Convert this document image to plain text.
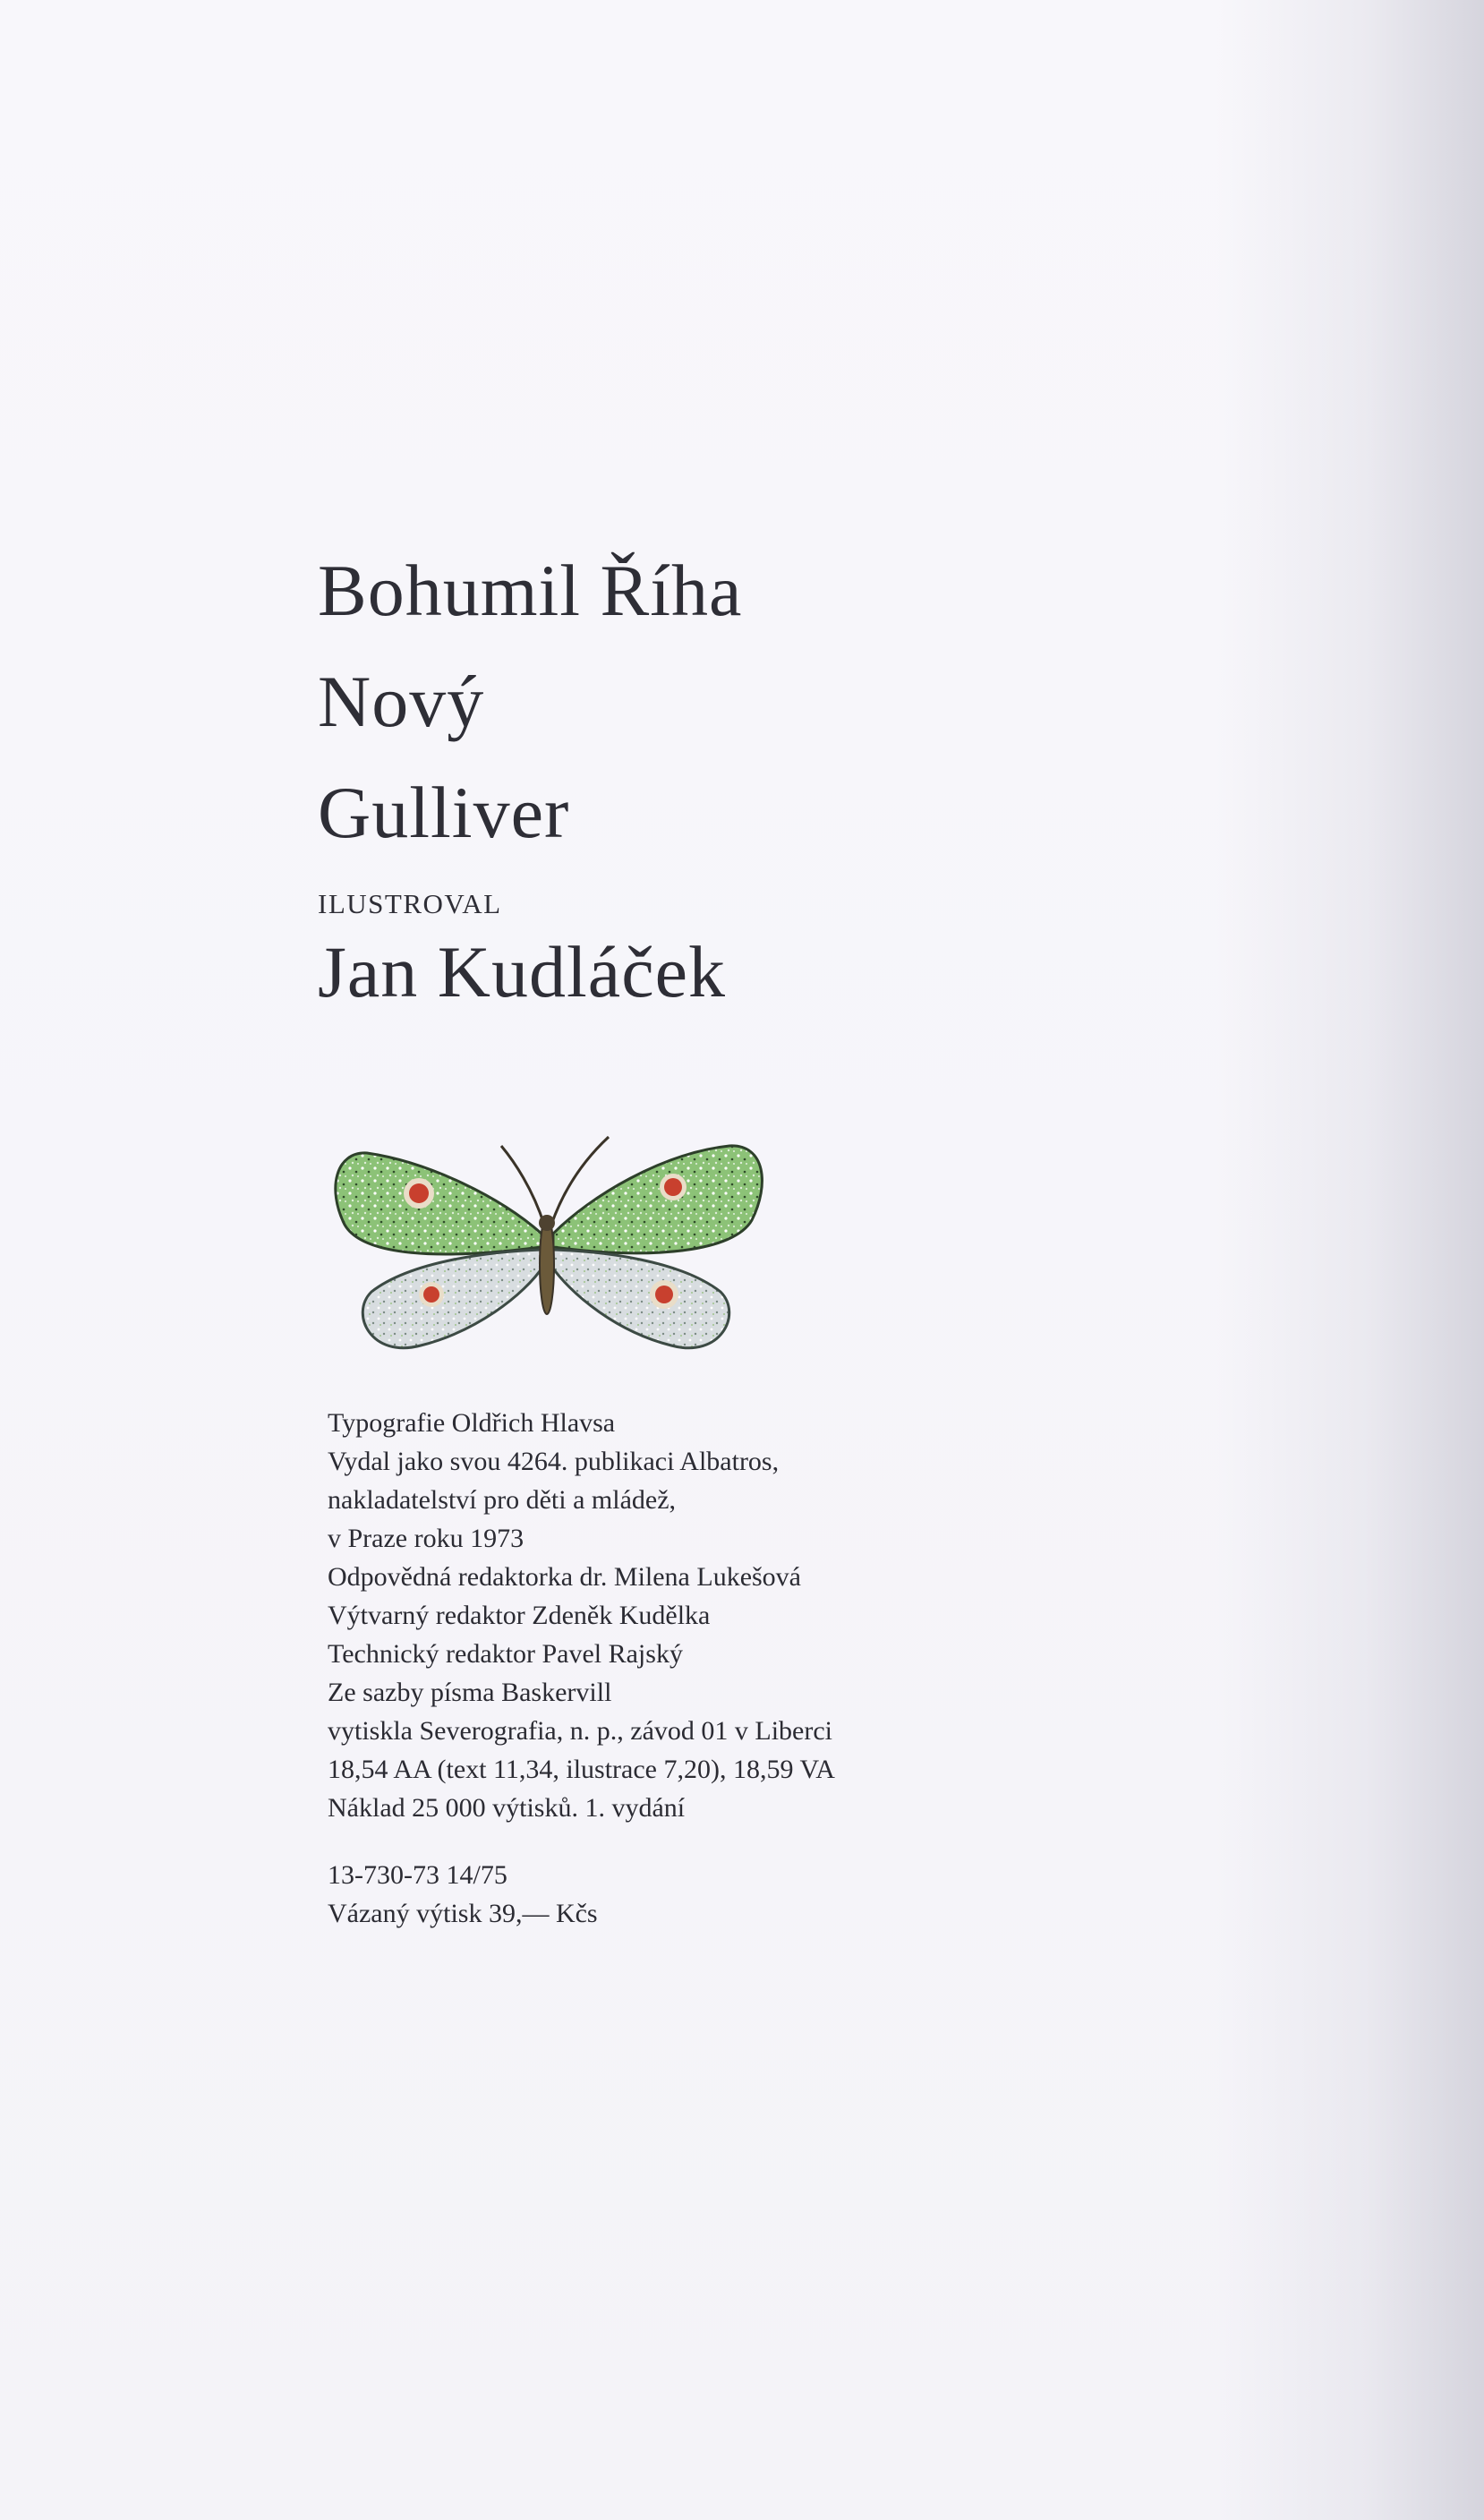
Bohumil Říha
Nový
Gulliver
ILUSTROVAL
Jan Kudláček
Typografie Oldřich Hlavsa
Vydal jako svou 4264. publikaci Albatros,
nakladatelství pro děti a mládež,
v Praze roku 1973
Odpovědná redaktorka dr. Milena Lukešová
Výtvarný redaktor Zdeněk Kudělka
Technický redaktor Pavel Rajský
Ze sazby písma Baskervill
vytiskla Severografia, n. p., závod 01 v Liberci
18,54 AA (text 11,34, ilustrace 7,20), 18,59 VA
Náklad 25 000 výtisků. 1. vydání
13-730-73 14/75
Vázaný výtisk 39,— Kčs
